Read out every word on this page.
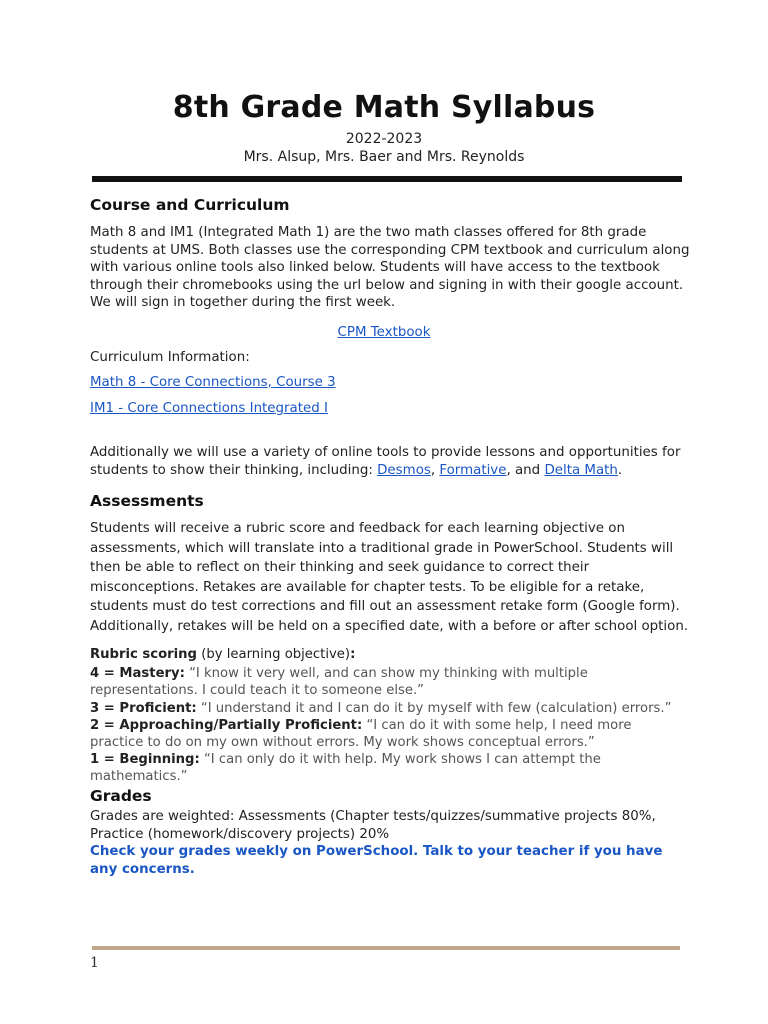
8th Grade Math Syllabus
2022-2023
Mrs. Alsup, Mrs. Baer and Mrs. Reynolds
Course and Curriculum
Math 8 and IM1 (Integrated Math 1) are the two math classes offered for 8th grade students at UMS. Both classes use the corresponding CPM textbook and curriculum along with various online tools also linked below. Students will have access to the textbook through their chromebooks using the url below and signing in with their google account. We will sign in together during the first week.
CPM Textbook
Curriculum Information:
Math 8 - Core Connections, Course 3
IM1 - Core Connections Integrated I
Additionally we will use a variety of online tools to provide lessons and opportunities for students to show their thinking, including: Desmos, Formative, and Delta Math.
Assessments
Students will receive a rubric score and feedback for each learning objective on assessments, which will translate into a traditional grade in PowerSchool. Students will then be able to reflect on their thinking and seek guidance to correct their misconceptions. Retakes are available for chapter tests. To be eligible for a retake, students must do test corrections and fill out an assessment retake form (Google form). Additionally, retakes will be held on a specified date, with a before or after school option.
Rubric scoring (by learning objective):
4 = Mastery: “I know it very well, and can show my thinking with multiple representations. I could teach it to someone else.”
3 = Proficient: “I understand it and I can do it by myself with few (calculation) errors.”
2 = Approaching/Partially Proficient: “I can do it with some help, I need more practice to do on my own without errors. My work shows conceptual errors.”
1 = Beginning: “I can only do it with help. My work shows I can attempt the mathematics.”
Grades
Grades are weighted: Assessments (Chapter tests/quizzes/summative projects 80%, Practice (homework/discovery projects) 20%
Check your grades weekly on PowerSchool. Talk to your teacher if you have any concerns.
1
